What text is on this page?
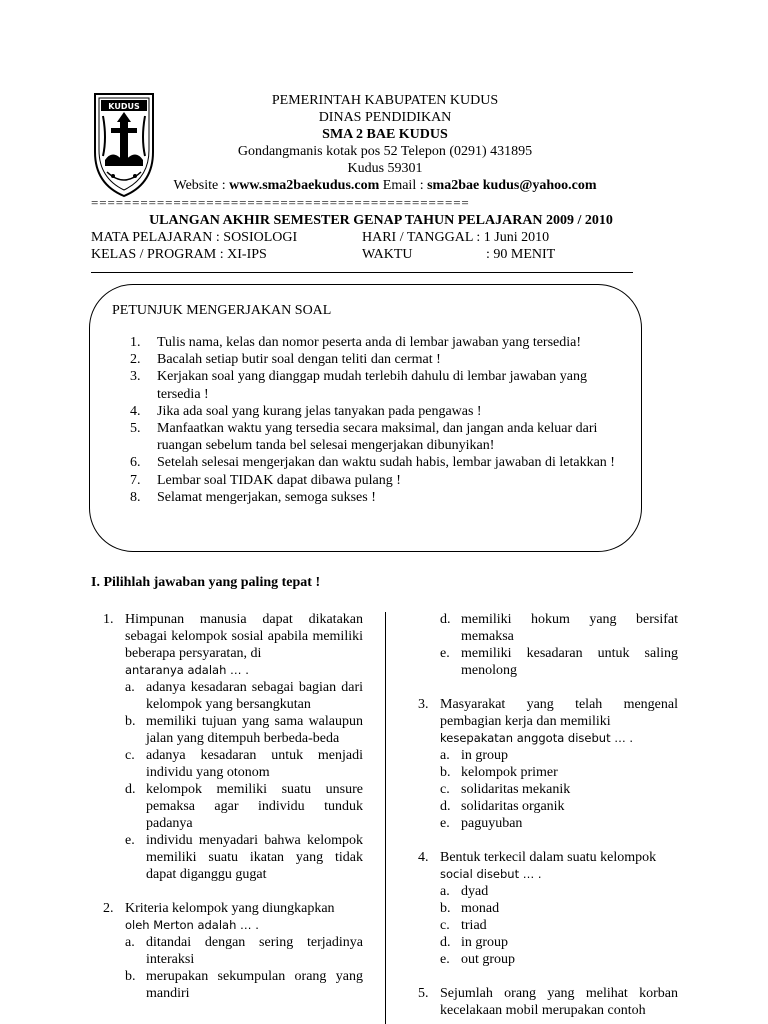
KUDUS	PEMERINTAH KABUPATEN KUDUS
DINAS PENDIDIKAN
SMA 2 BAE KUDUS
Gondangmanis kotak pos 52 Telepon (0291) 431895
Kudus 59301
Website : www.sma2baekudus.com Email : sma2bae kudus@yahoo.com
==============================================
ULANGAN AKHIR SEMESTER GENAP TAHUN PELAJARAN 2009 / 2010
MATA PELAJARAN : SOSIOLOGI	HARI / TANGGAL : 1 Juni 2010
KELAS / PROGRAM : XI-IPS	WAKTU	: 90 MENIT
PETUNJUK MENGERJAKAN SOAL
1. Tulis nama, kelas dan nomor peserta anda di lembar jawaban yang tersedia!
2. Bacalah setiap butir soal dengan teliti dan cermat !
3. Kerjakan soal yang dianggap mudah terlebih dahulu di lembar jawaban yang tersedia !
4. Jika ada soal yang kurang jelas tanyakan pada pengawas !
5. Manfaatkan waktu yang tersedia secara maksimal, dan jangan anda keluar dari ruangan sebelum tanda bel selesai mengerjakan dibunyikan!
6. Setelah selesai mengerjakan dan waktu sudah habis, lembar jawaban di letakkan !
7. Lembar soal TIDAK dapat dibawa pulang !
8. Selamat mengerjakan, semoga sukses !
I. Pilihlah jawaban yang paling tepat !
1. Himpunan manusia dapat dikatakan sebagai kelompok sosial apabila memiliki beberapa persyaratan, di
antaranya adalah … .
a. adanya kesadaran sebagai bagian dari kelompok yang bersangkutan
b. memiliki tujuan yang sama walaupun jalan yang ditempuh berbeda-beda
c. adanya kesadaran untuk menjadi individu yang otonom
d. kelompok memiliki suatu unsure pemaksa agar individu tunduk padanya
e. individu menyadari bahwa kelompok memiliki suatu ikatan yang tidak dapat diganggu gugat
2. Kriteria kelompok yang diungkapkan
oleh Merton adalah … .
a. ditandai dengan sering terjadinya interaksi
b. merupakan sekumpulan orang yang mandiri
d. memiliki hokum yang bersifat memaksa
e. memiliki kesadaran untuk saling menolong
3. Masyarakat yang telah mengenal pembagian kerja dan memiliki
kesepakatan anggota disebut … .
a. in group
b. kelompok primer
c. solidaritas mekanik
d. solidaritas organik
e. paguyuban
4. Bentuk terkecil dalam suatu kelompok
social disebut … .
a. dyad
b. monad
c. triad
d. in group
e. out group
5. Sejumlah orang yang melihat korban kecelakaan mobil merupakan contoh
